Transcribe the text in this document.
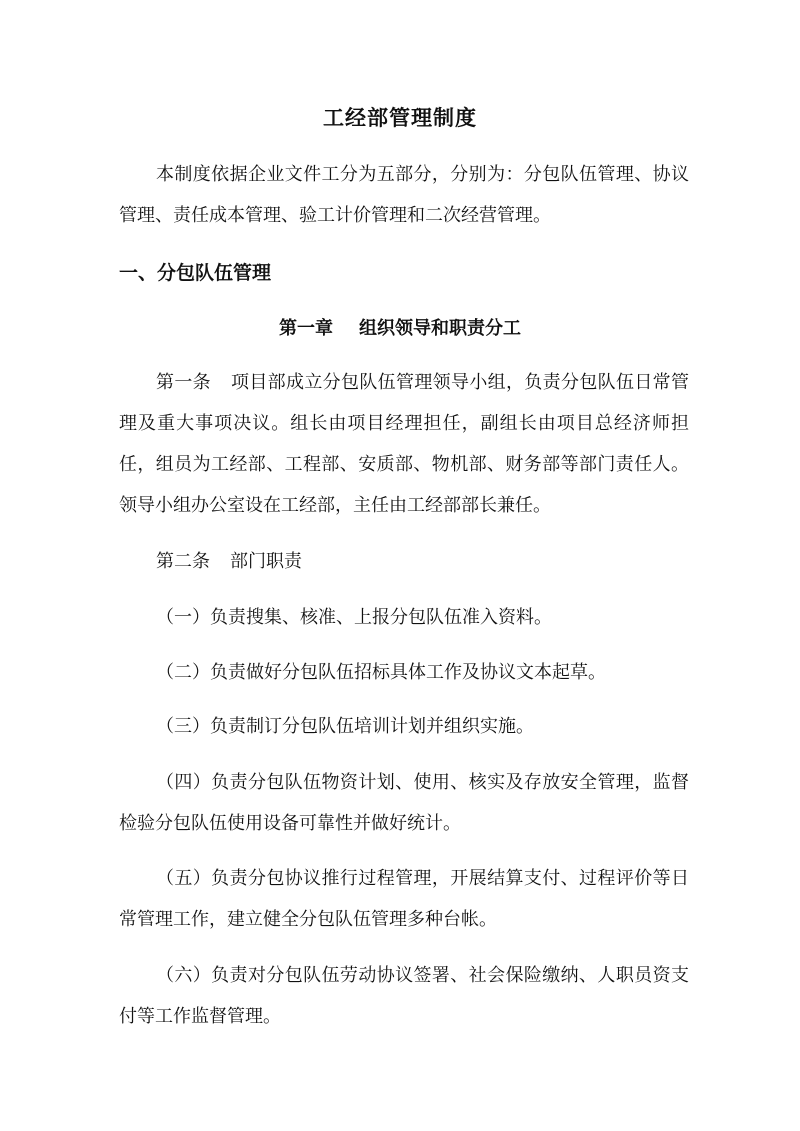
工经部管理制度

本制度依据企业文件工分为五部分，分别为：分包队伍管理、协议管理、责任成本管理、验工计价管理和二次经营管理。

一、分包队伍管理
第一章 组织领导和职责分工

第一条 项目部成立分包队伍管理领导小组，负责分包队伍日常管理及重大事项决议。组长由项目经理担任，副组长由项目总经济师担任，组员为工经部、工程部、安质部、物机部、财务部等部门责任人。领导小组办公室设在工经部，主任由工经部部长兼任。

第二条 部门职责

（一）负责搜集、核准、上报分包队伍准入资料。

（二）负责做好分包队伍招标具体工作及协议文本起草。

（三）负责制订分包队伍培训计划并组织实施。

（四）负责分包队伍物资计划、使用、核实及存放安全管理，监督检验分包队伍使用设备可靠性并做好统计。

（五）负责分包协议推行过程管理，开展结算支付、过程评价等日常管理工作，建立健全分包队伍管理多种台帐。

（六）负责对分包队伍劳动协议签署、社会保险缴纳、人职员资支付等工作监督管理。
